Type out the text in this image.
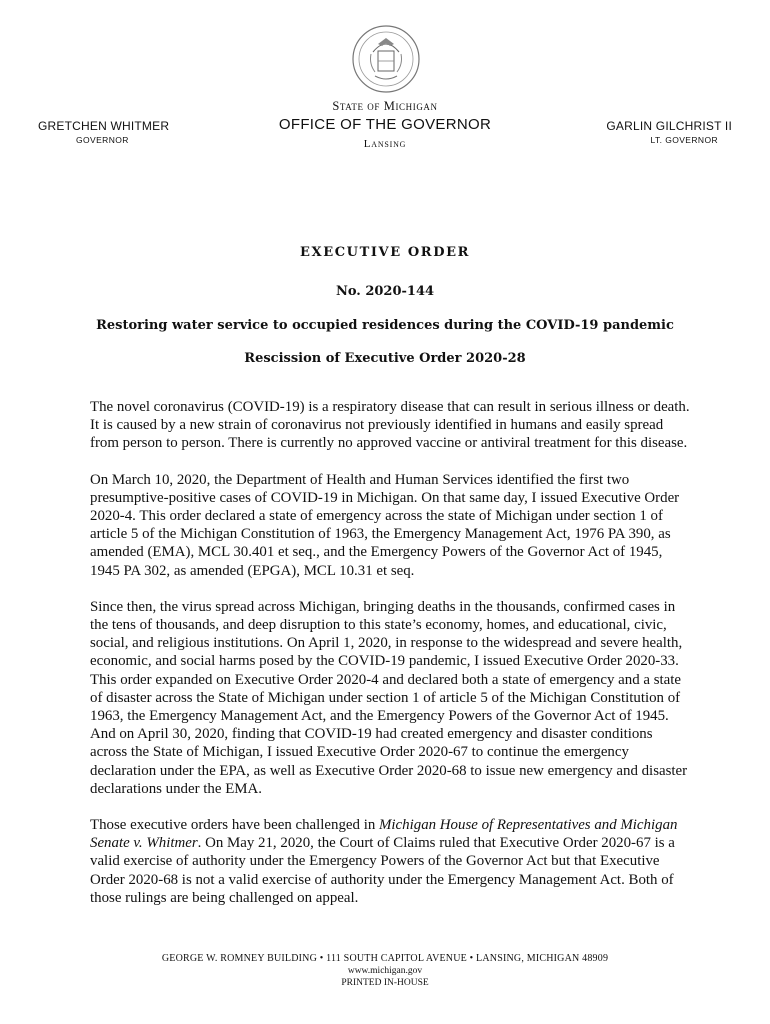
State of Michigan
OFFICE OF THE GOVERNOR
Lansing
GRETCHEN WHITMER
GOVERNOR
GARLIN GILCHRIST II
LT. GOVERNOR
EXECUTIVE ORDER
No. 2020-144
Restoring water service to occupied residences during the COVID-19 pandemic
Rescission of Executive Order 2020-28

The novel coronavirus (COVID-19) is a respiratory disease that can result in serious illness or death. It is caused by a new strain of coronavirus not previously identified in humans and easily spread from person to person. There is currently no approved vaccine or antiviral treatment for this disease.

On March 10, 2020, the Department of Health and Human Services identified the first two presumptive-positive cases of COVID-19 in Michigan. On that same day, I issued Executive Order 2020-4. This order declared a state of emergency across the state of Michigan under section 1 of article 5 of the Michigan Constitution of 1963, the Emergency Management Act, 1976 PA 390, as amended (EMA), MCL 30.401 et seq., and the Emergency Powers of the Governor Act of 1945, 1945 PA 302, as amended (EPGA), MCL 10.31 et seq.

Since then, the virus spread across Michigan, bringing deaths in the thousands, confirmed cases in the tens of thousands, and deep disruption to this state’s economy, homes, and educational, civic, social, and religious institutions. On April 1, 2020, in response to the widespread and severe health, economic, and social harms posed by the COVID-19 pandemic, I issued Executive Order 2020-33. This order expanded on Executive Order 2020-4 and declared both a state of emergency and a state of disaster across the State of Michigan under section 1 of article 5 of the Michigan Constitution of 1963, the Emergency Management Act, and the Emergency Powers of the Governor Act of 1945. And on April 30, 2020, finding that COVID-19 had created emergency and disaster conditions across the State of Michigan, I issued Executive Order 2020-67 to continue the emergency declaration under the EPA, as well as Executive Order 2020-68 to issue new emergency and disaster declarations under the EMA.

Those executive orders have been challenged in Michigan House of Representatives and Michigan Senate v. Whitmer. On May 21, 2020, the Court of Claims ruled that Executive Order 2020-67 is a valid exercise of authority under the Emergency Powers of the Governor Act but that Executive Order 2020-68 is not a valid exercise of authority under the Emergency Management Act. Both of those rulings are being challenged on appeal.

GEORGE W. ROMNEY BUILDING • 111 SOUTH CAPITOL AVENUE • LANSING, MICHIGAN 48909
www.michigan.gov
PRINTED IN-HOUSE
